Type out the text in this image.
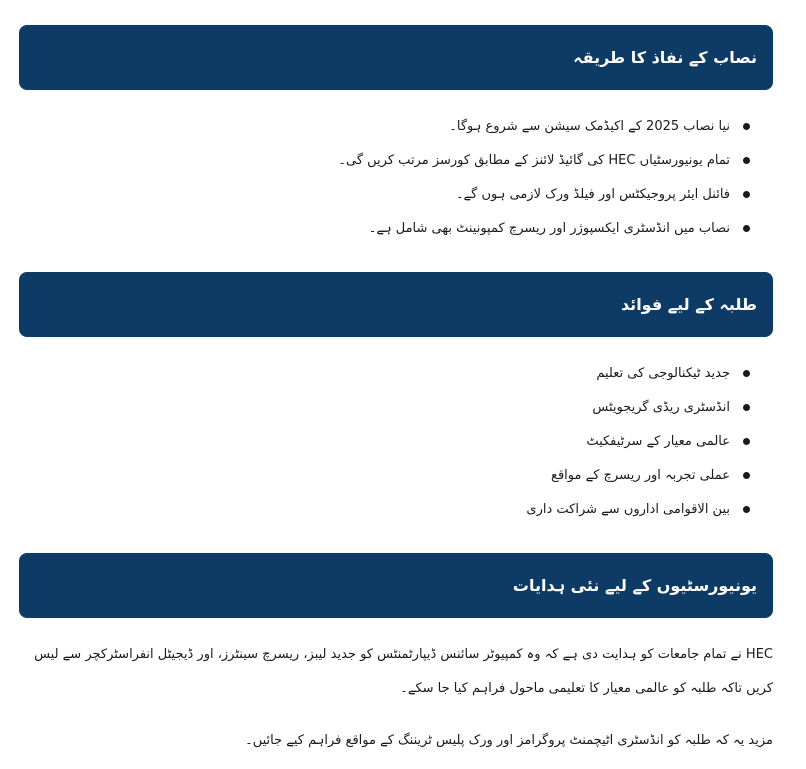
نصاب کے نفاذ کا طریقہ
نیا نصاب 2025 کے اکیڈمک سیشن سے شروع ہوگا۔
تمام یونیورسٹیاں HEC کی گائیڈ لائنز کے مطابق کورسز مرتب کریں گی۔
فائنل ایئر پروجیکٹس اور فیلڈ ورک لازمی ہوں گے۔
نصاب میں انڈسٹری ایکسپوژر اور ریسرچ کمپونینٹ بھی شامل ہے۔
طلبہ کے لیے فوائد
جدید ٹیکنالوجی کی تعلیم
انڈسٹری ریڈی گریجویٹس
عالمی معیار کے سرٹیفکیٹ
عملی تجربہ اور ریسرچ کے مواقع
بین الاقوامی اداروں سے شراکت داری
یونیورسٹیوں کے لیے نئی ہدایات

HEC نے تمام جامعات کو ہدایت دی ہے کہ وہ کمپیوٹر سائنس ڈیپارٹمنٹس کو جدید لیبز، ریسرچ سینٹرز، اور ڈیجیٹل انفراسٹرکچر سے لیس کریں تاکہ طلبہ کو عالمی معیار کا تعلیمی ماحول فراہم کیا جا سکے۔

مزید یہ کہ طلبہ کو انڈسٹری اٹیچمنٹ پروگرامز اور ورک پلیس ٹریننگ کے مواقع فراہم کیے جائیں۔
